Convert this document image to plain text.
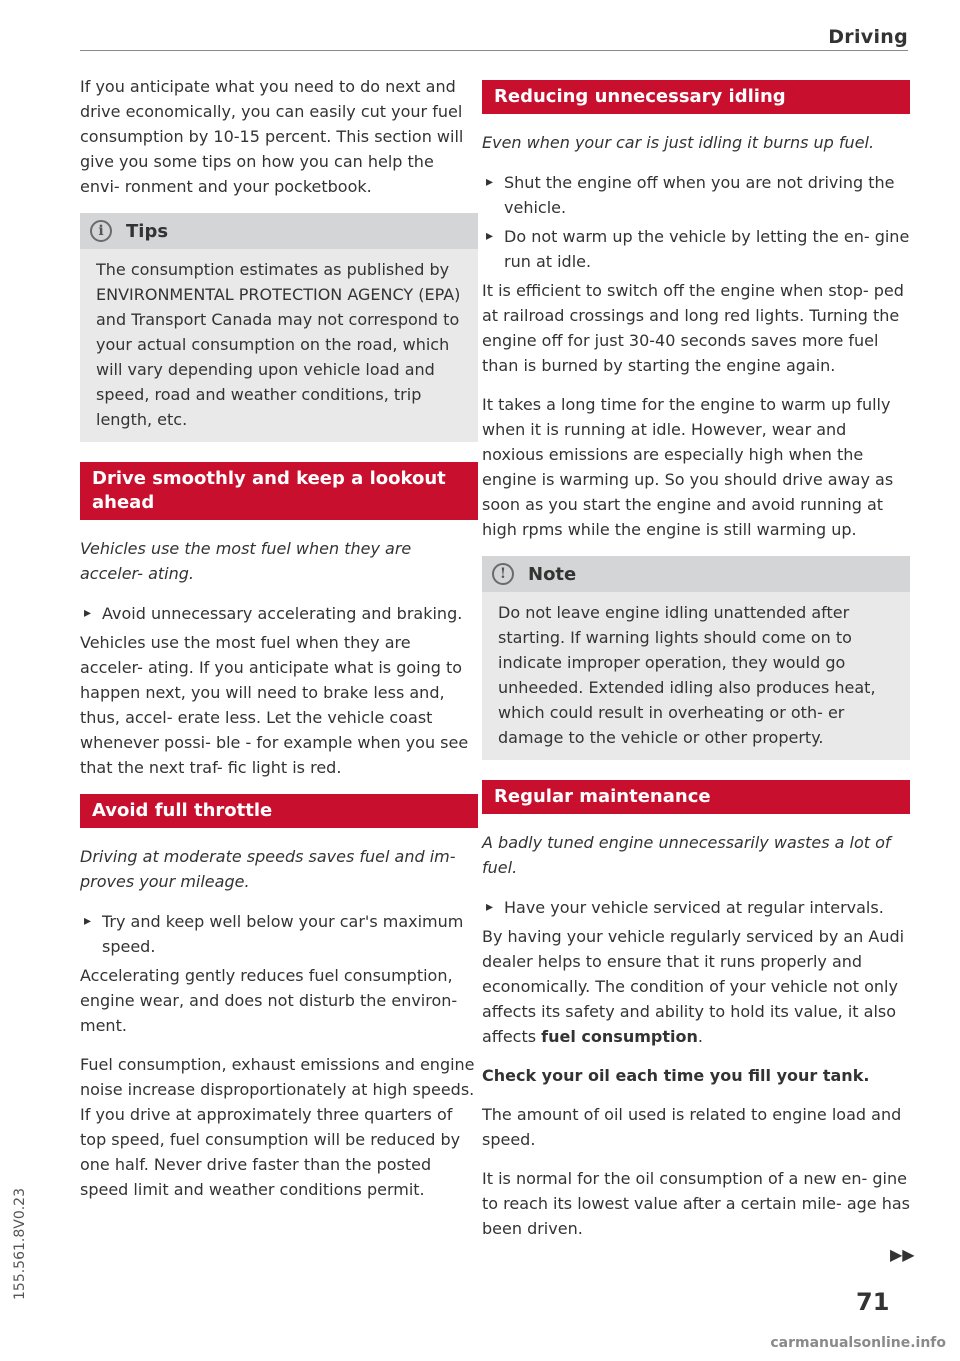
Driving

If you anticipate what you need to do next and drive economically, you can easily cut your fuel consumption by 10-15 percent. This section will give you some tips on how you can help the envi- ronment and your pocketbook.

i	Tips

The consumption estimates as published by ENVIRONMENTAL PROTECTION AGENCY (EPA) and Transport Canada may not correspond to your actual consumption on the road, which will vary depending upon vehicle load and speed, road and weather conditions, trip length, etc.

Drive smoothly and keep a lookout ahead

Vehicles use the most fuel when they are acceler- ating.

▸ Avoid unnecessary accelerating and braking.

Vehicles use the most fuel when they are acceler- ating. If you anticipate what is going to happen next, you will need to brake less and, thus, accel- erate less. Let the vehicle coast whenever possi- ble - for example when you see that the next traf- fic light is red.

Avoid full throttle

Driving at moderate speeds saves fuel and im- proves your mileage.

▸ Try and keep well below your car's maximum speed.

Accelerating gently reduces fuel consumption, engine wear, and does not disturb the environ- ment.

Fuel consumption, exhaust emissions and engine noise increase disproportionately at high speeds. If you drive at approximately three quarters of top speed, fuel consumption will be reduced by one half. Never drive faster than the posted speed limit and weather conditions permit.

Reducing unnecessary idling

Even when your car is just idling it burns up fuel.

▸ Shut the engine off when you are not driving the vehicle.

▸ Do not warm up the vehicle by letting the en- gine run at idle.

It is efficient to switch off the engine when stop- ped at railroad crossings and long red lights. Turning the engine off for just 30-40 seconds saves more fuel than is burned by starting the engine again.

It takes a long time for the engine to warm up fully when it is running at idle. However, wear and noxious emissions are especially high when the engine is warming up. So you should drive away as soon as you start the engine and avoid running at high rpms while the engine is still warming up.

!	Note

Do not leave engine idling unattended after starting. If warning lights should come on to indicate improper operation, they would go unheeded. Extended idling also produces heat, which could result in overheating or oth- er damage to the vehicle or other property.

Regular maintenance

A badly tuned engine unnecessarily wastes a lot of fuel.

▸ Have your vehicle serviced at regular intervals.

By having your vehicle regularly serviced by an Audi dealer helps to ensure that it runs properly and economically. The condition of your vehicle not only affects its safety and ability to hold its value, it also affects fuel consumption.

Check your oil each time you fill your tank.

The amount of oil used is related to engine load and speed.

It is normal for the oil consumption of a new en- gine to reach its lowest value after a certain mile- age has been driven.

▶▶
71
155.561.8V0.23
carmanualsonline.info
